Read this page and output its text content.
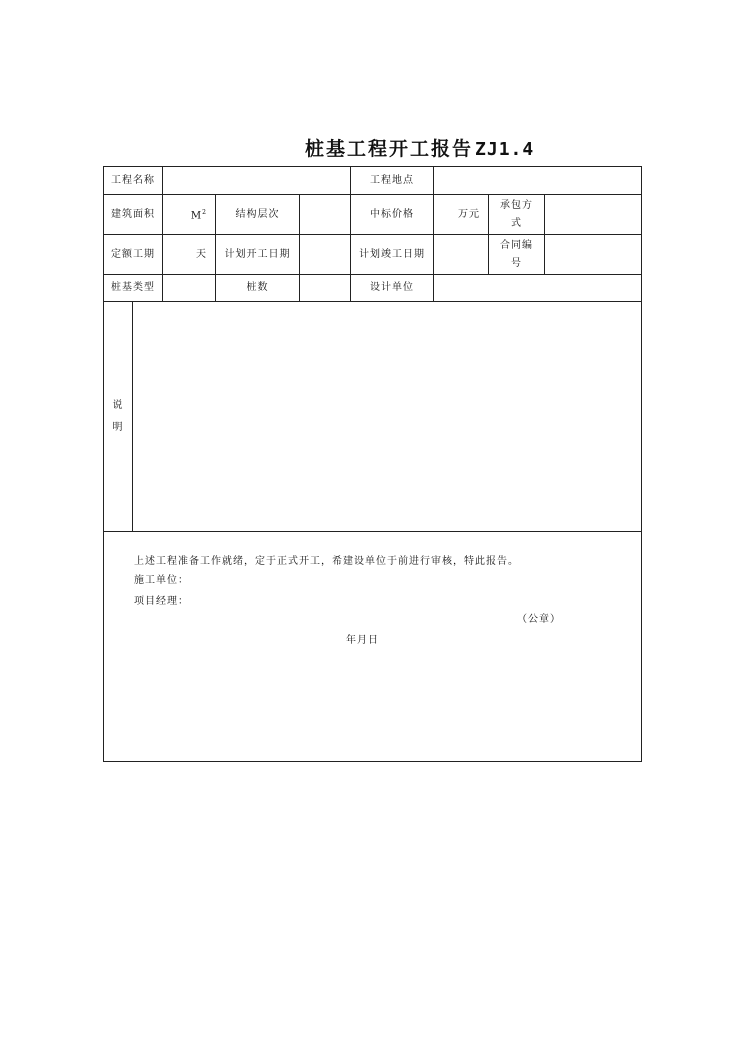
桩基工程开工报告 ZJ1.4
工程名称					工程地点			
建筑面积		$M^2$	结构层次		中标价格	万元	承包方式	
定额工期		天	计划开工日期		计划竣工日期		合同编号	
桩基类型			桩数		设计单位			
说明								

上述工程准备工作就绪，定于正式开工，希建设单位于前进行审核，特此报告。
施工单位：
项目经理：
（公章）
年月日								
